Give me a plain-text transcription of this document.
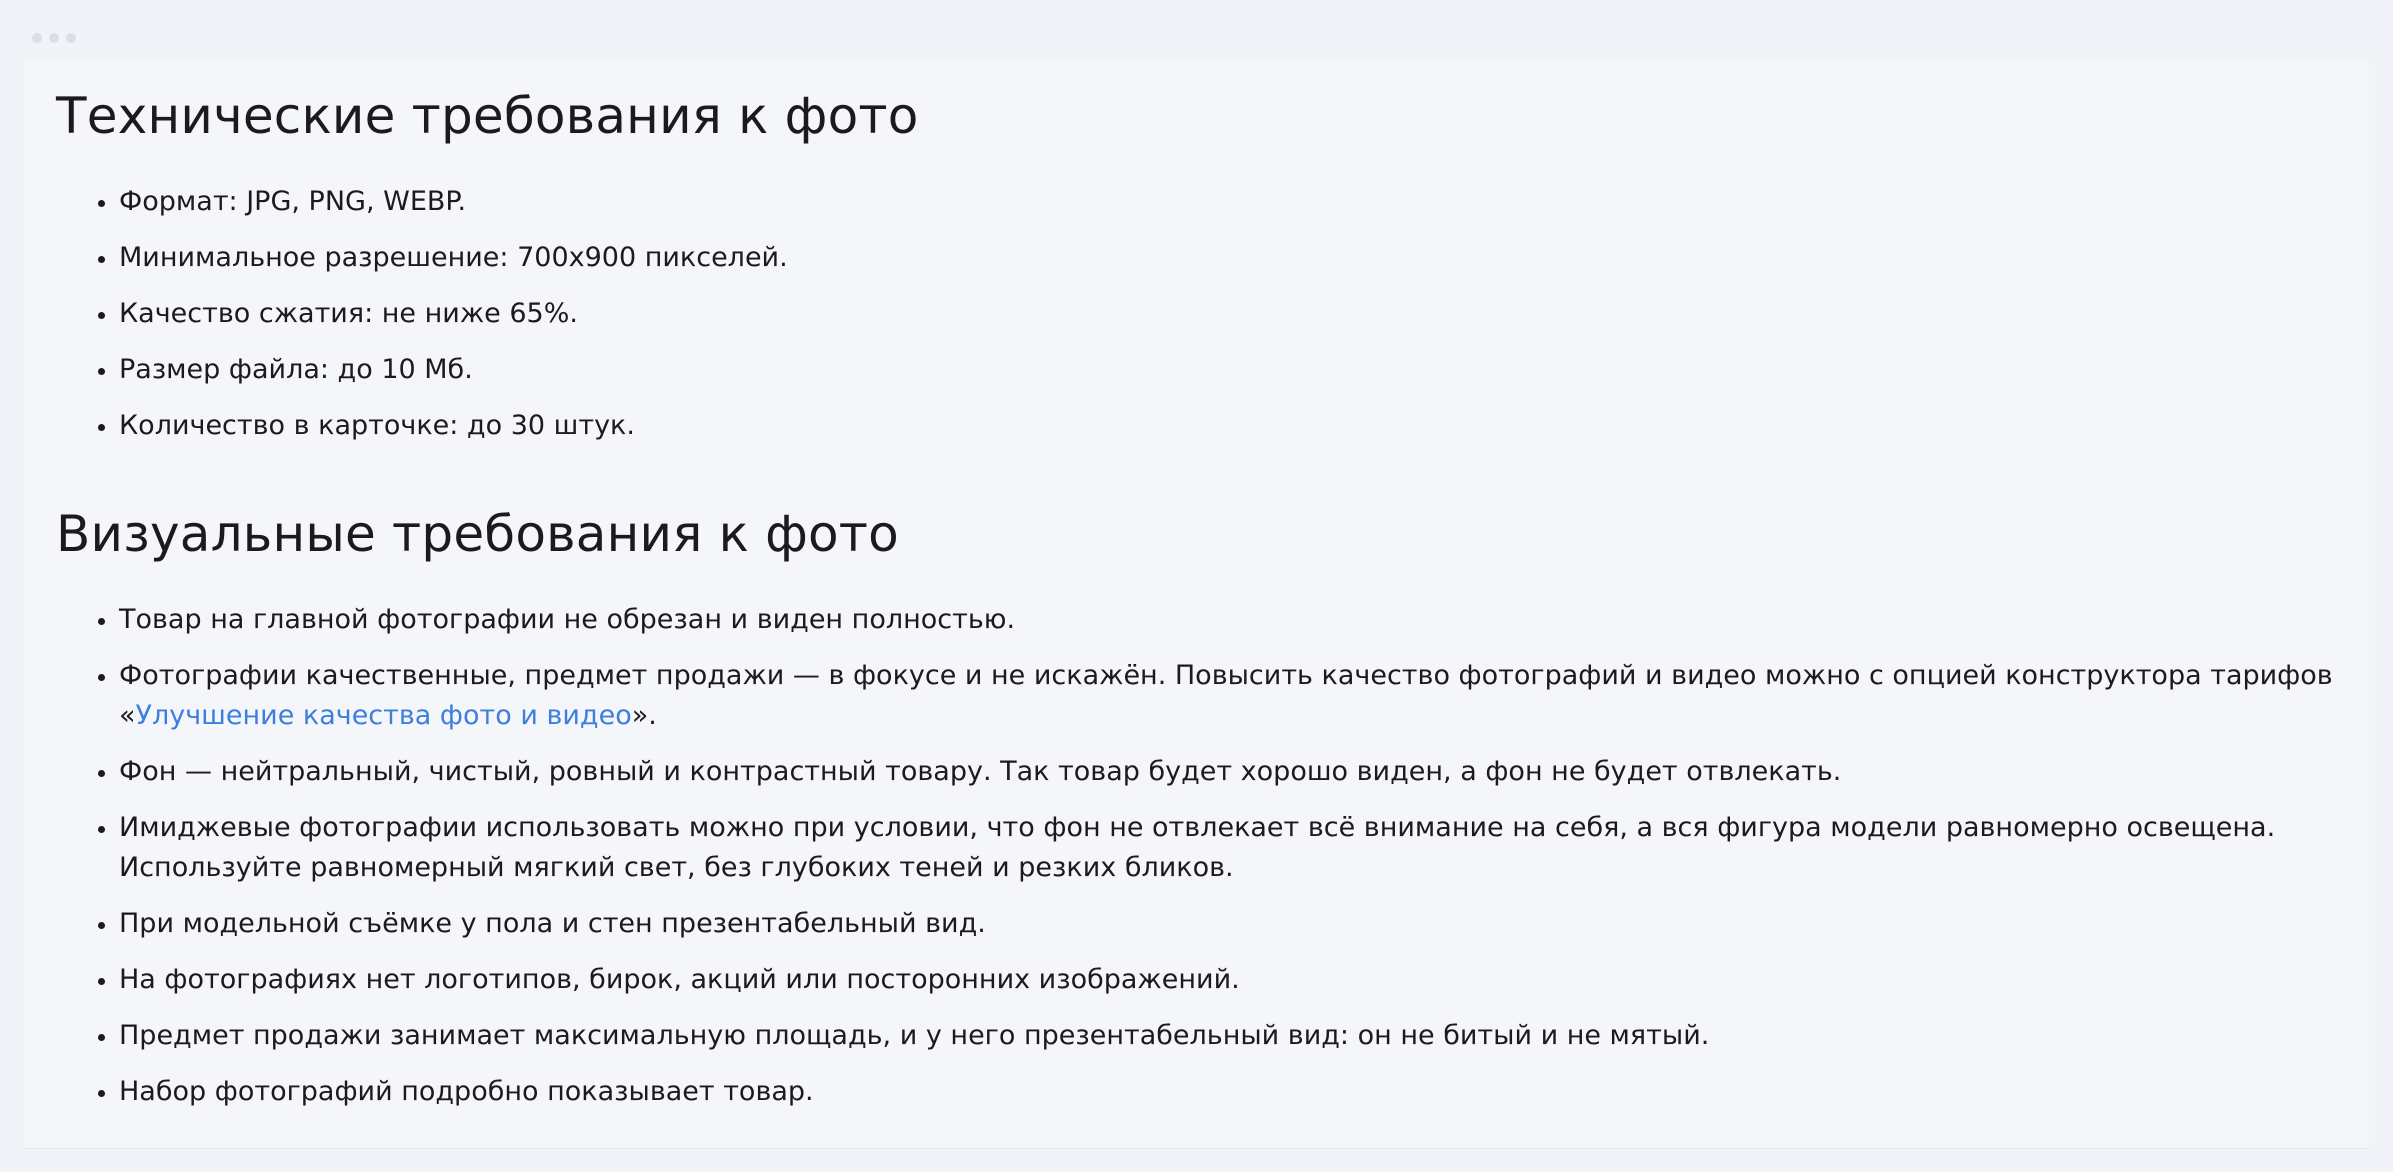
Технические требования к фото
• Формат: JPG, PNG, WEBP.
• Минимальное разрешение: 700x900 пикселей.
• Качество сжатия: не ниже 65%.
• Размер файла: до 10 Мб.
• Количество в карточке: до 30 штук.
Визуальные требования к фото
• Товар на главной фотографии не обрезан и виден полностью.
• Фотографии качественные, предмет продажи — в фокусе и не искажён. Повысить качество фотографий и видео можно с опцией конструктора тарифов «Улучшение качества фото и видео».
• Фон — нейтральный, чистый, ровный и контрастный товару. Так товар будет хорошо виден, а фон не будет отвлекать.
• Имиджевые фотографии использовать можно при условии, что фон не отвлекает всё внимание на себя, а вся фигура модели равномерно освещена. Используйте равномерный мягкий свет, без глубоких теней и резких бликов.
• При модельной съёмке у пола и стен презентабельный вид.
• На фотографиях нет логотипов, бирок, акций или посторонних изображений.
• Предмет продажи занимает максимальную площадь, и у него презентабельный вид: он не битый и не мятый.
• Набор фотографий подробно показывает товар.
